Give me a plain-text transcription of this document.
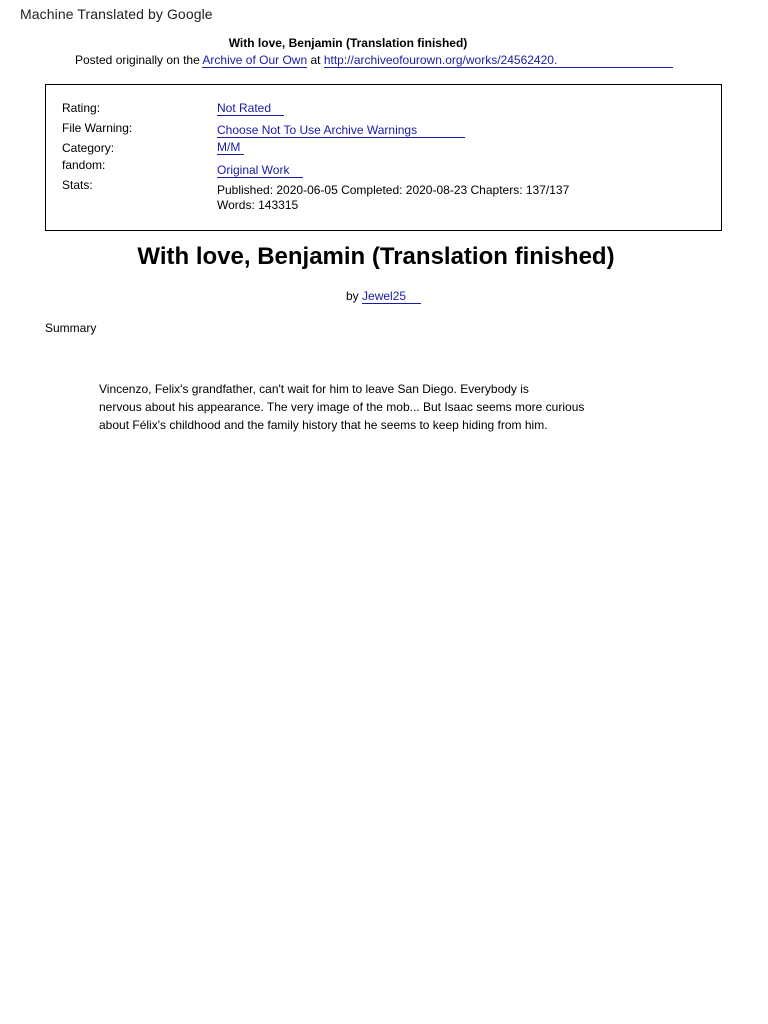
Machine Translated by Google
With love, Benjamin (Translation finished)
Posted originally on the Archive of Our Own at http://archiveofourown.org/works/24562420.
Rating:	Not Rated
File Warning:	Choose Not To Use Archive Warnings
Category:	M/M
fandom:	Original Work
Stats:	Published: 2020-06-05 Completed: 2020-08-23 Chapters: 137/137
Words: 143315
With love, Benjamin (Translation finished)
by Jewel25
Summary
Vincenzo, Felix's grandfather, can't wait for him to leave San Diego. Everybody is
nervous about his appearance. The very image of the mob... But Isaac seems more curious
about Félix's childhood and the family history that he seems to keep hiding from him.
